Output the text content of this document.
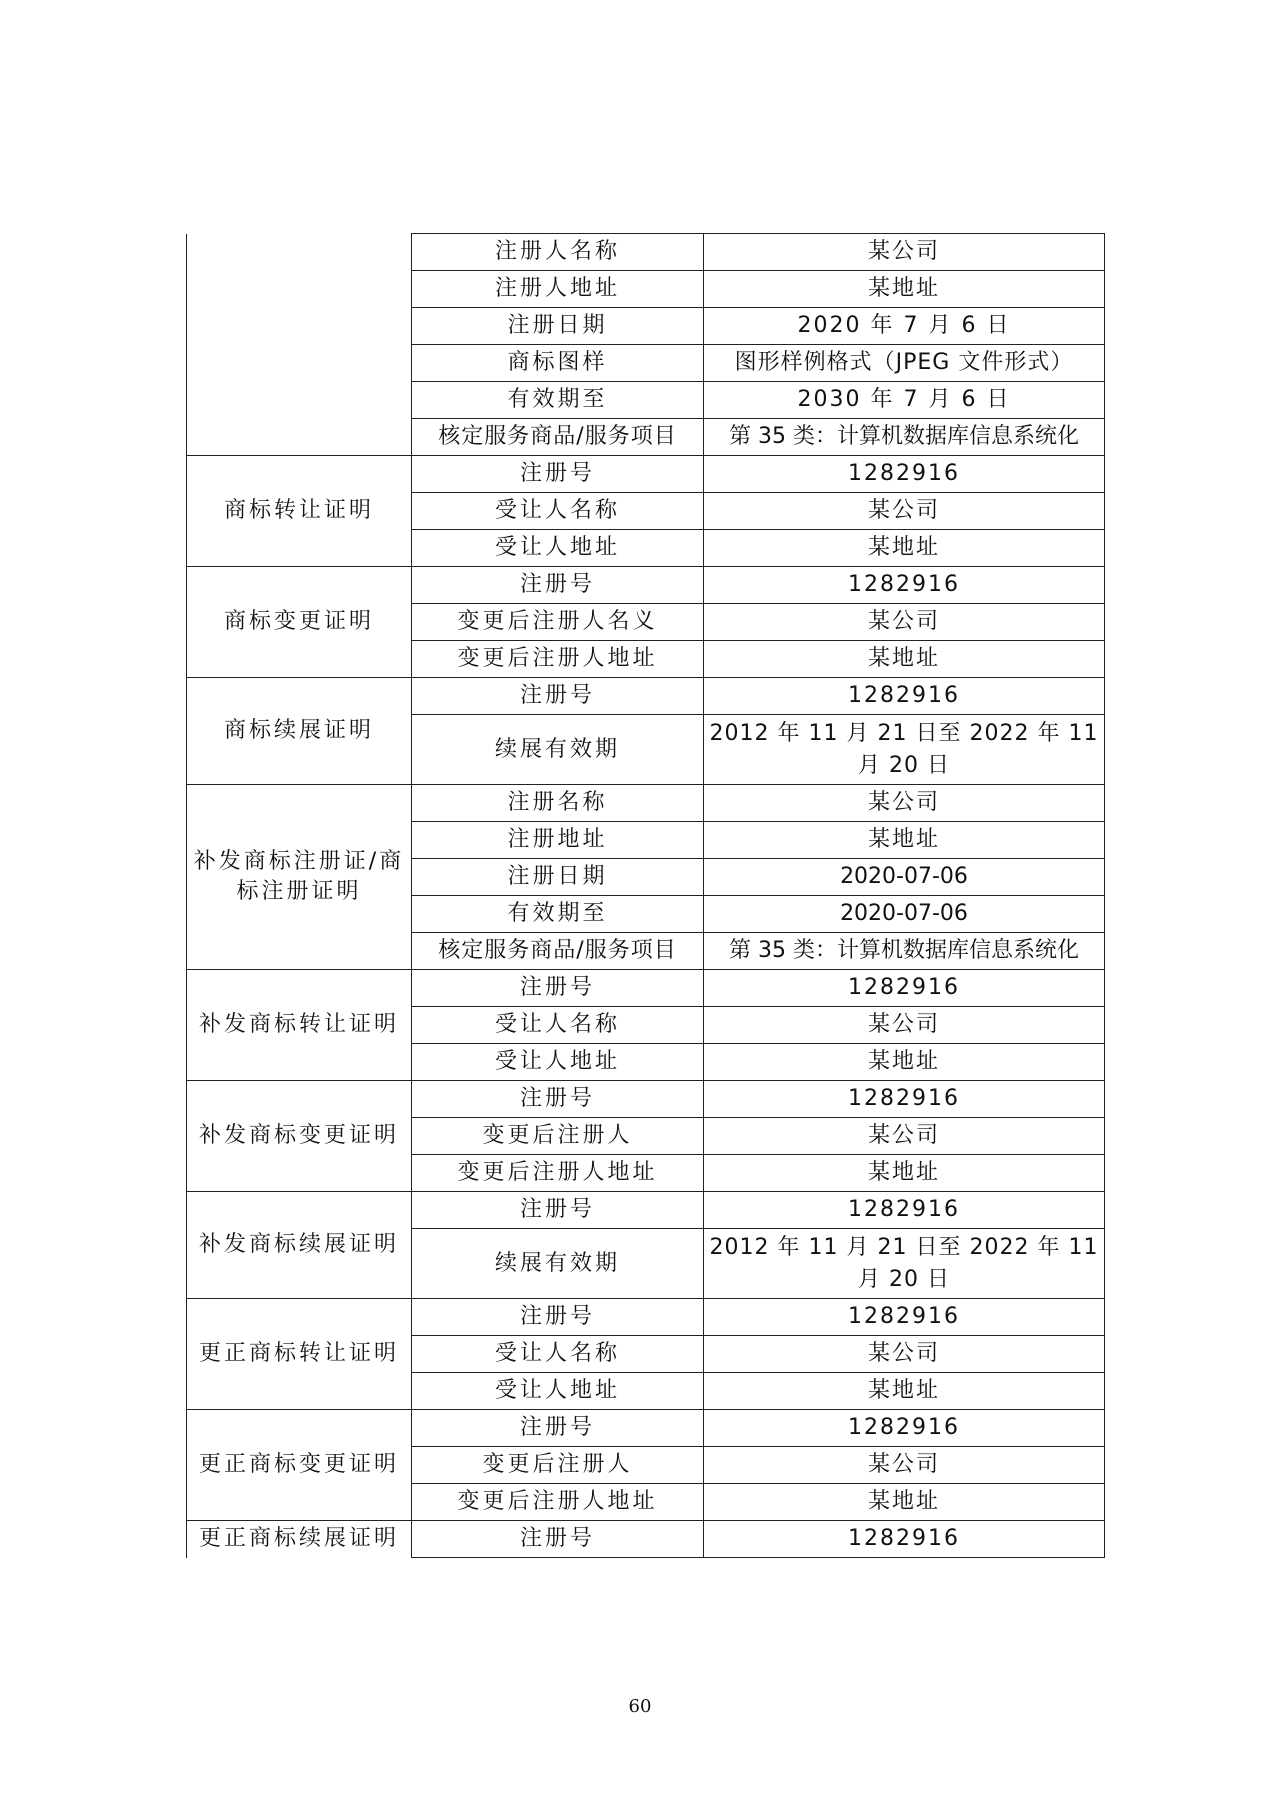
	注册人名称	某公司
	注册人地址	某地址
	注册日期	2020 年 7 月 6 日
	商标图样	图形样例格式（JPEG 文件形式）
	有效期至	2030 年 7 月 6 日
	核定服务商品/服务项目	第 35 类：计算机数据库信息系统化
商标转让证明	注册号	1282916
	受让人名称	某公司
	受让人地址	某地址
商标变更证明	注册号	1282916
	变更后注册人名义	某公司
	变更后注册人地址	某地址
商标续展证明	注册号	1282916
	续展有效期	2012 年 11 月 21 日至 2022 年 11 月 20 日
补发商标注册证/商标注册证明	注册名称	某公司
	注册地址	某地址
	注册日期	2020-07-06
	有效期至	2020-07-06
	核定服务商品/服务项目	第 35 类：计算机数据库信息系统化
补发商标转让证明	注册号	1282916
	受让人名称	某公司
	受让人地址	某地址
补发商标变更证明	注册号	1282916
	变更后注册人	某公司
	变更后注册人地址	某地址
补发商标续展证明	注册号	1282916
	续展有效期	2012 年 11 月 21 日至 2022 年 11 月 20 日
更正商标转让证明	注册号	1282916
	受让人名称	某公司
	受让人地址	某地址
更正商标变更证明	注册号	1282916
	变更后注册人	某公司
	变更后注册人地址	某地址
更正商标续展证明	注册号	1282916
60
